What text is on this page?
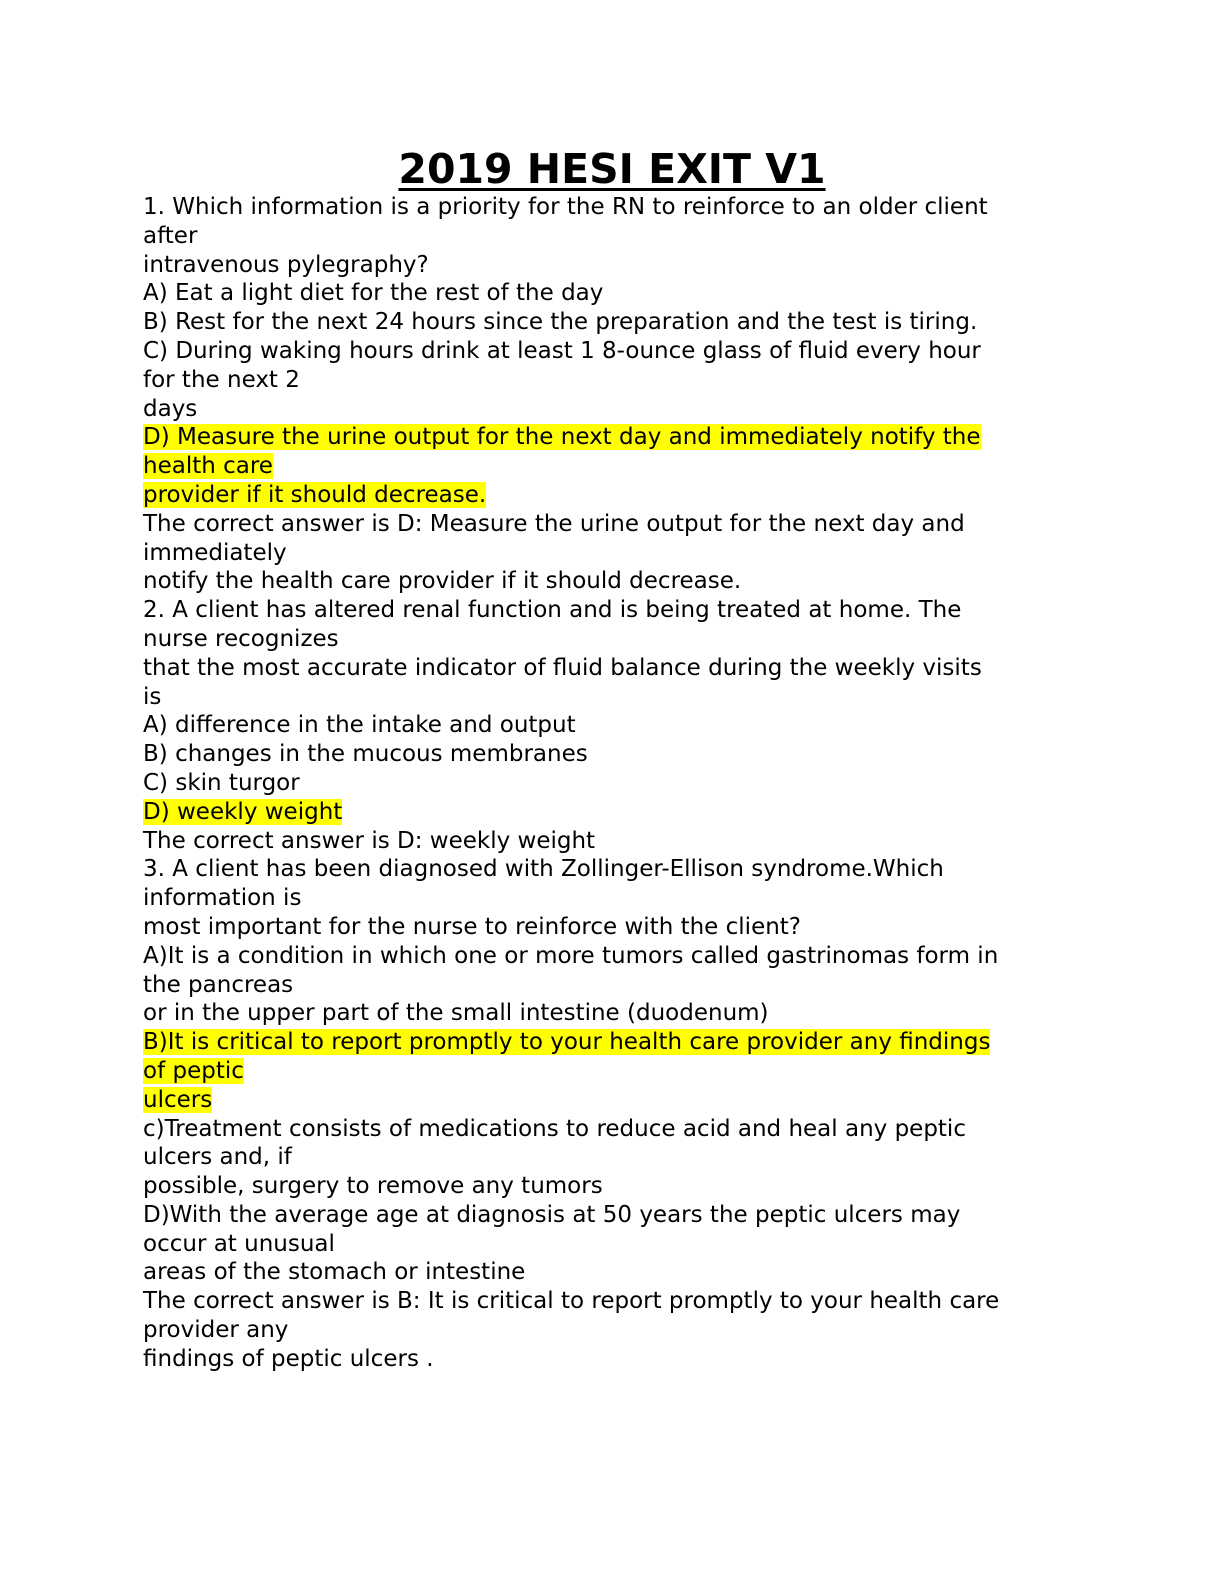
2019 HESI EXIT V1
1. Which information is a priority for the RN to reinforce to an older client
after
intravenous pylegraphy?
A) Eat a light diet for the rest of the day
B) Rest for the next 24 hours since the preparation and the test is tiring.
C) During waking hours drink at least 1 8-ounce glass of fluid every hour
for the next 2
days
D) Measure the urine output for the next day and immediately notify the
health care
provider if it should decrease.
The correct answer is D: Measure the urine output for the next day and
immediately
notify the health care provider if it should decrease.
2. A client has altered renal function and is being treated at home. The
nurse recognizes
that the most accurate indicator of fluid balance during the weekly visits
is
A) difference in the intake and output
B) changes in the mucous membranes
C) skin turgor
D) weekly weight
The correct answer is D: weekly weight
3. A client has been diagnosed with Zollinger-Ellison syndrome.Which
information is
most important for the nurse to reinforce with the client?
A)It is a condition in which one or more tumors called gastrinomas form in
the pancreas
or in the upper part of the small intestine (duodenum)
B)It is critical to report promptly to your health care provider any findings
of peptic
ulcers
c)Treatment consists of medications to reduce acid and heal any peptic
ulcers and, if
possible, surgery to remove any tumors
D)With the average age at diagnosis at 50 years the peptic ulcers may
occur at unusual
areas of the stomach or intestine
The correct answer is B: It is critical to report promptly to your health care
provider any
findings of peptic ulcers .
